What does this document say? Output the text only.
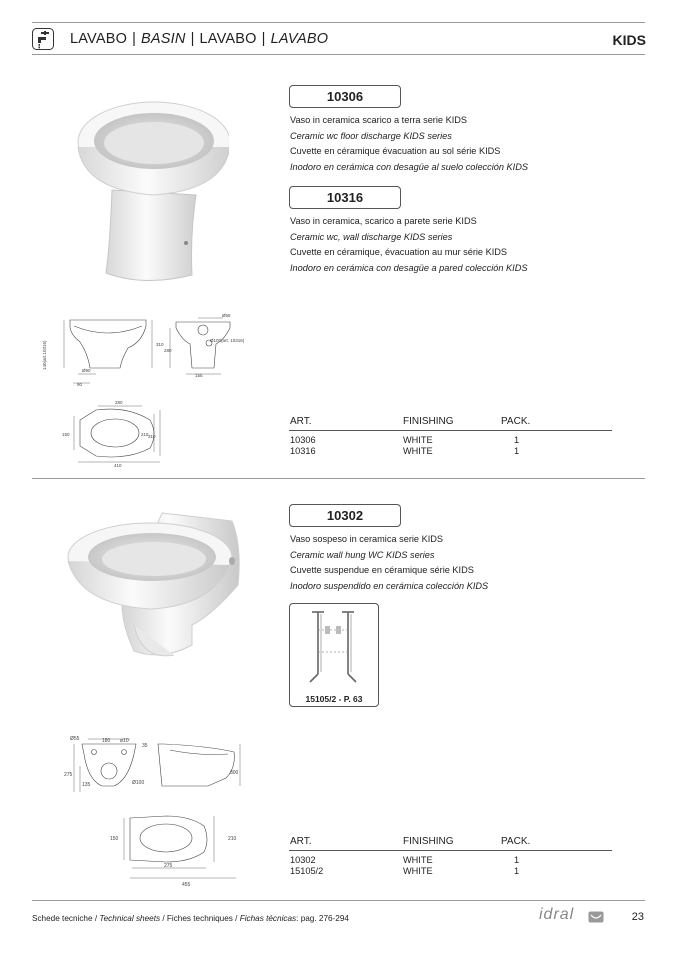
LAVABO | BASIN | LAVABO | LAVABO	KIDS
10306
Vaso in ceramica scarico a terra serie KIDS
Ceramic wc floor discharge KIDS series
Cuvette en céramique évacuation au sol série KIDS
Inodoro en cerámica con desagüe al suelo colección KIDS
10316
Vaso in ceramica, scarico a parete serie KIDS
Ceramic wc, wall discharge KIDS series
Cuvette en céramique, évacuation au mur série KIDS
Inodoro en cerámica con desagüe a pared colección KIDS
140(art.10316)	310
280
Ø90
90
Ø55
Ø100(art. 10316)
155
280
150	215 310
410
ART.	FINISHING	PACK.
10306	WHITE	1
10316	WHITE	1
10302
Vaso sospeso in ceramica serie KIDS
Ceramic wall hung WC KIDS series
Cuvette suspendue en céramique série KIDS
Inodoro suspendido en cerámica colección KIDS
15105/2 - P. 63
Ø55	180 ø10
35
275
135	Ø100
300
150	210
275
455
ART.	FINISHING	PACK.
10302	WHITE	1
15105/2	WHITE	1
Schede tecniche / Technical sheets / Fiches techniques / Fichas técnicas: pag. 276-294	idral	23
